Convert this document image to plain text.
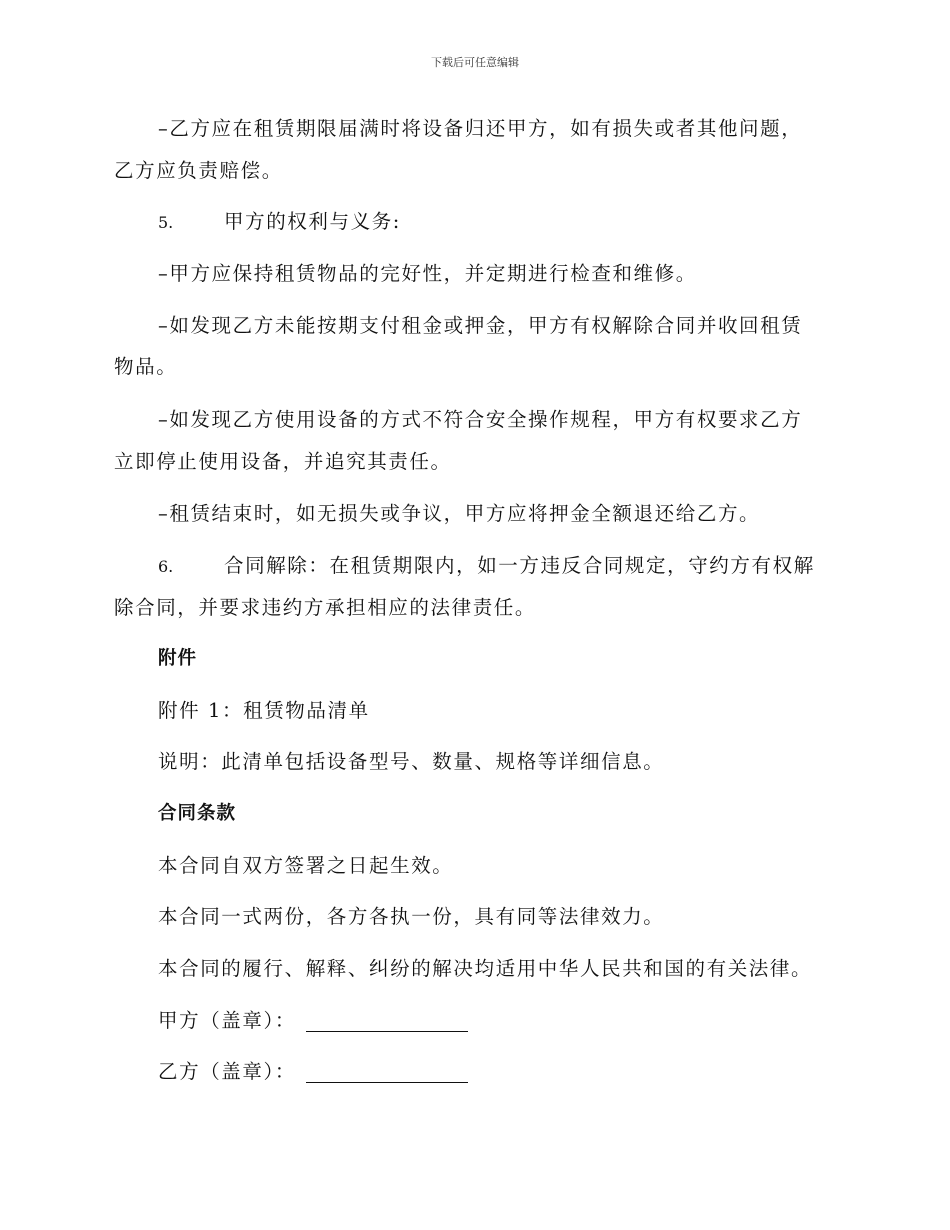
下载后可任意编辑

–乙方应在租赁期限届满时将设备归还甲方，如有损失或者其他问题，

乙方应负责赔偿。

5.	甲方的权利与义务:

–甲方应保持租赁物品的完好性，并定期进行检查和维修。

–如发现乙方未能按期支付租金或押金，甲方有权解除合同并收回租赁

物品。

–如发现乙方使用设备的方式不符合安全操作规程，甲方有权要求乙方

立即停止使用设备，并追究其责任。

–租赁结束时，如无损失或争议，甲方应将押金全额退还给乙方。

6.	合同解除：在租赁期限内，如一方违反合同规定，守约方有权解

除合同，并要求违约方承担相应的法律责任。

附件

附件 1：租赁物品清单

说明：此清单包括设备型号、数量、规格等详细信息。

合同条款

本合同自双方签署之日起生效。

本合同一式两份，各方各执一份，具有同等法律效力。

本合同的履行、解释、纠纷的解决均适用中华人民共和国的有关法律。

甲方（盖章）：

乙方（盖章）：
